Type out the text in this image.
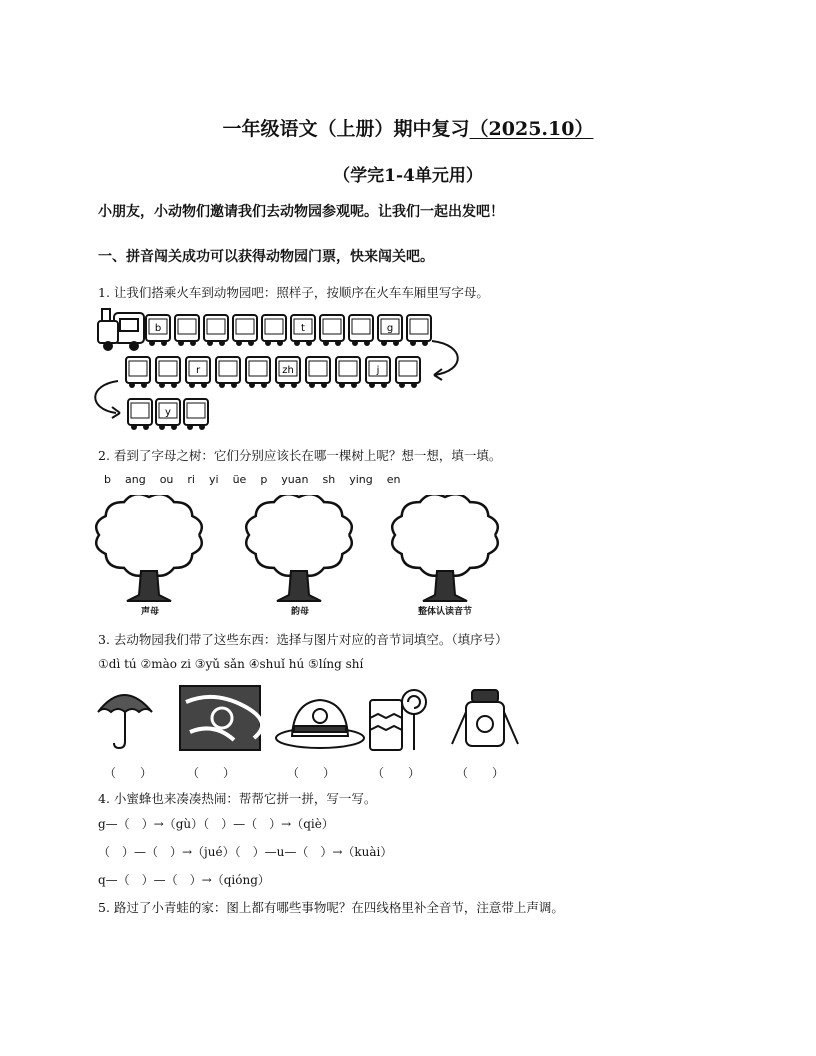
一年级语文（上册）期中复习（2025.10）
（学完1-4单元用）
小朋友，小动物们邀请我们去动物园参观呢。让我们一起出发吧！
一、拼音闯关成功可以获得动物园门票，快来闯关吧。
1. 让我们搭乘火车到动物园吧：照样子，按顺序在火车车厢里写字母。
b	t	g
r	zh	j
y
2. 看到了字母之树：它们分别应该长在哪一棵树上呢？想一想，填一填。
b ang ou ri yi üe p yuan sh ying en
声母	韵母	整体认读音节
3. 去动物园我们带了这些东西：选择与图片对应的音节词填空。（填序号）
①dì tú ②mào zi ③yǔ sǎn ④shuǐ hú ⑤líng shí
（　　）	（　　）	（　　）	（　　）	（　　）
4. 小蜜蜂也来凑凑热闹：帮帮它拼一拼，写一写。
g—（　）→（gù）（　）—（　）→（qiè）
（　）—（　）→（jué）（　）—u—（　）→（kuài）
q—（　）—（　）→（qióng）
5. 路过了小青蛙的家：图上都有哪些事物呢？在四线格里补全音节，注意带上声调。
